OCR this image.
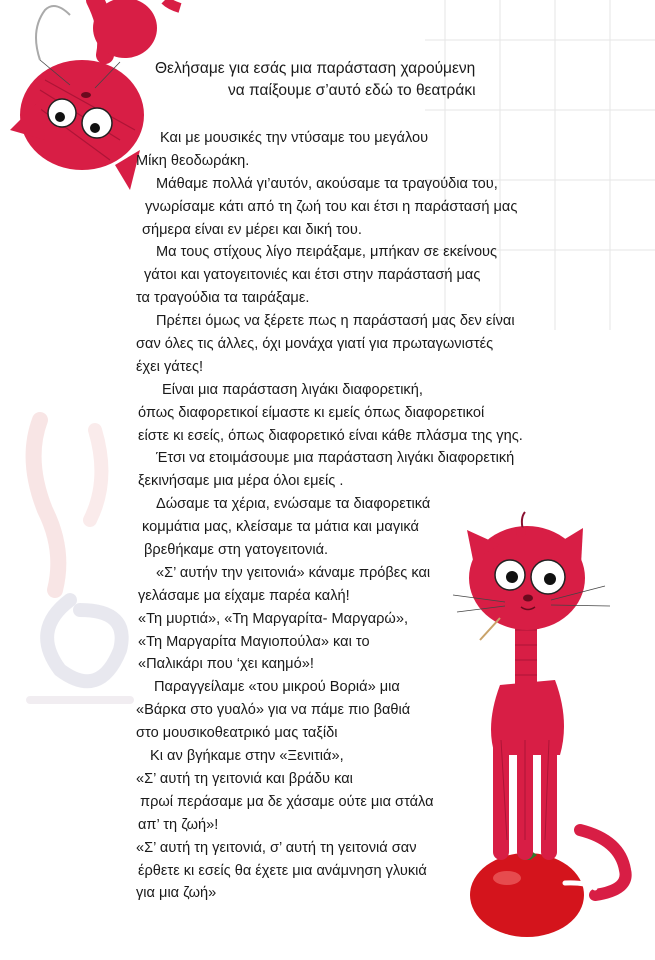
Θελήσαμε για εσάς μια παράσταση χαρούμενη
να παίξουμε σ’αυτό εδώ το θεατράκι
Και με μουσικές την ντύσαμε του μεγάλου
Μίκη θεοδωράκη.
Μάθαμε πολλά γι’αυτόν, ακούσαμε τα τραγούδια του,
γνωρίσαμε κάτι από τη ζωή του και έτσι η παράστασή μας
σήμερα είναι εν μέρει και δική του.
Μα τους στίχους λίγο πειράξαμε, μπήκαν σε εκείνους
γάτοι και γατογειτονιές και έτσι στην παράστασή μας
τα τραγούδια τα ταιράξαμε.
Πρέπει όμως να ξέρετε πως η παράστασή μας δεν είναι
σαν όλες τις άλλες, όχι μονάχα γιατί για πρωταγωνιστές
έχει γάτες!
Είναι μια παράσταση λιγάκι διαφορετική,
όπως διαφορετικοί είμαστε κι εμείς όπως διαφορετικοί
είστε κι εσείς, όπως διαφορετικό είναι κάθε πλάσμα της γης.
Έτσι να ετοιμάσουμε μια παράσταση λιγάκι διαφορετική
ξεκινήσαμε μια μέρα όλοι εμείς .
Δώσαμε τα χέρια, ενώσαμε τα διαφορετικά
κομμάτια μας, κλείσαμε τα μάτια και μαγικά
βρεθήκαμε στη γατογειτονιά.
«Σ’ αυτήν την γειτονιά» κάναμε πρόβες και
γελάσαμε μα είχαμε παρέα καλή!
«Τη μυρτιά», «Τη Μαργαρίτα- Μαργαρώ»,
«Τη Μαργαρίτα Μαγιοπούλα» και το
«Παλικάρι που ‘χει καημό»!
Παραγγείλαμε «του μικρού Βοριά» μια
«Βάρκα στο γυαλό» για να πάμε πιο βαθιά
στο μουσικοθεατρικό μας ταξίδι
Κι αν βγήκαμε στην «Ξενιτιά»,
«Σ’ αυτή τη γειτονιά και βράδυ και
πρωί περάσαμε μα δε χάσαμε ούτε μια στάλα
απ’ τη ζωή»!
«Σ’ αυτή τη γειτονιά, σ’ αυτή τη γειτονιά σαν
έρθετε κι εσείς θα έχετε μια ανάμνηση γλυκιά
για μια ζωή»
